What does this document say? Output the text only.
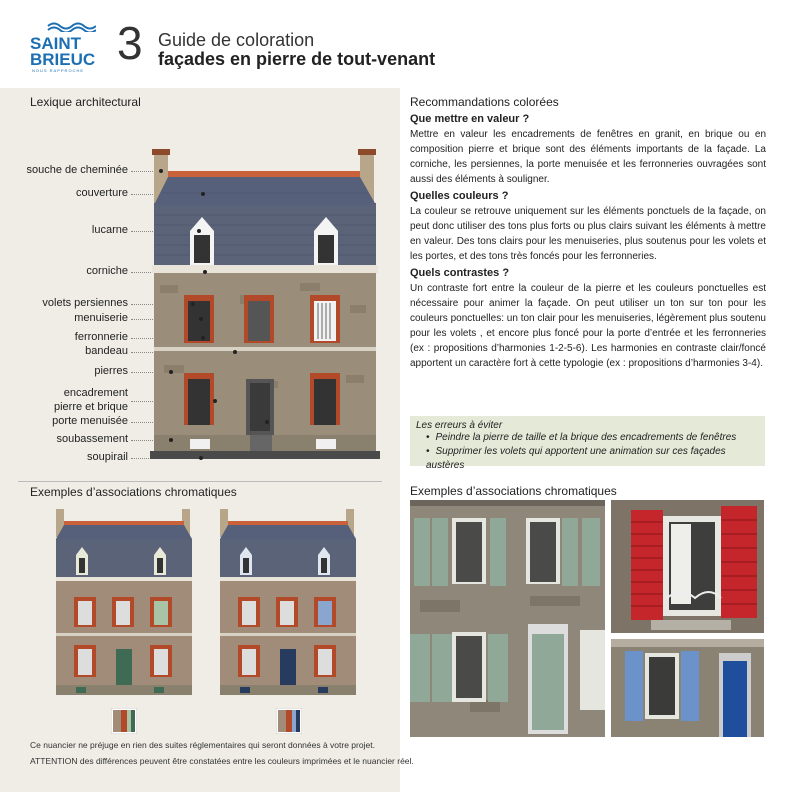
SAINT
BRIEUC
NOUS RAPPROCHE
3 Guide de coloration
façades en pierre de tout-venant
Lexique architectural
souche de cheminée
couverture
lucarne
corniche
volets persiennes
menuiserie
ferronnerie
bandeau
pierres
encadrement
pierre et brique
porte menuisée
soubassement
soupirail
Exemples d’associations chromatiques
Ce nuancier ne préjuge en rien des suites réglementaires qui seront données à votre projet.
ATTENTION des différences peuvent être constatées entre les couleurs imprimées et le nuancier réel.
Recommandations colorées
Que mettre en valeur ?
Mettre en valeur les encadrements de fenêtres en granit, en brique ou en composition pierre et brique sont des éléments importants de la façade. La corniche, les persiennes, la porte menuisée et les ferronneries ouvragées sont aussi des éléments à souligner.
Quelles couleurs ?
La couleur se retrouve uniquement sur les éléments ponctuels de la façade, on peut donc utiliser des tons plus forts ou plus clairs suivant les éléments à mettre en valeur. Des tons clairs pour les menuiseries, plus soutenus pour les volets et les portes, et des tons très foncés pour les ferronneries.
Quels contrastes ?
Un contraste fort entre la couleur de la pierre et les couleurs ponctuelles est nécessaire pour animer la façade. On peut utiliser un ton sur ton pour les couleurs ponctuelles: un ton clair pour les menuiseries, légèrement plus soutenu pour les volets , et encore plus foncé pour la porte d’entrée et les ferronneries (ex : propositions d’harmonies 1-2-5-6). Les harmonies en contraste clair/foncé apportent un caractère fort à cette typologie (ex : propositions d’harmonies 3-4).
Les erreurs à éviter
• Peindre la pierre de taille et la brique des encadrements de fenêtres
• Supprimer les volets qui apportent une animation sur ces façades austères
Exemples d’associations chromatiques
